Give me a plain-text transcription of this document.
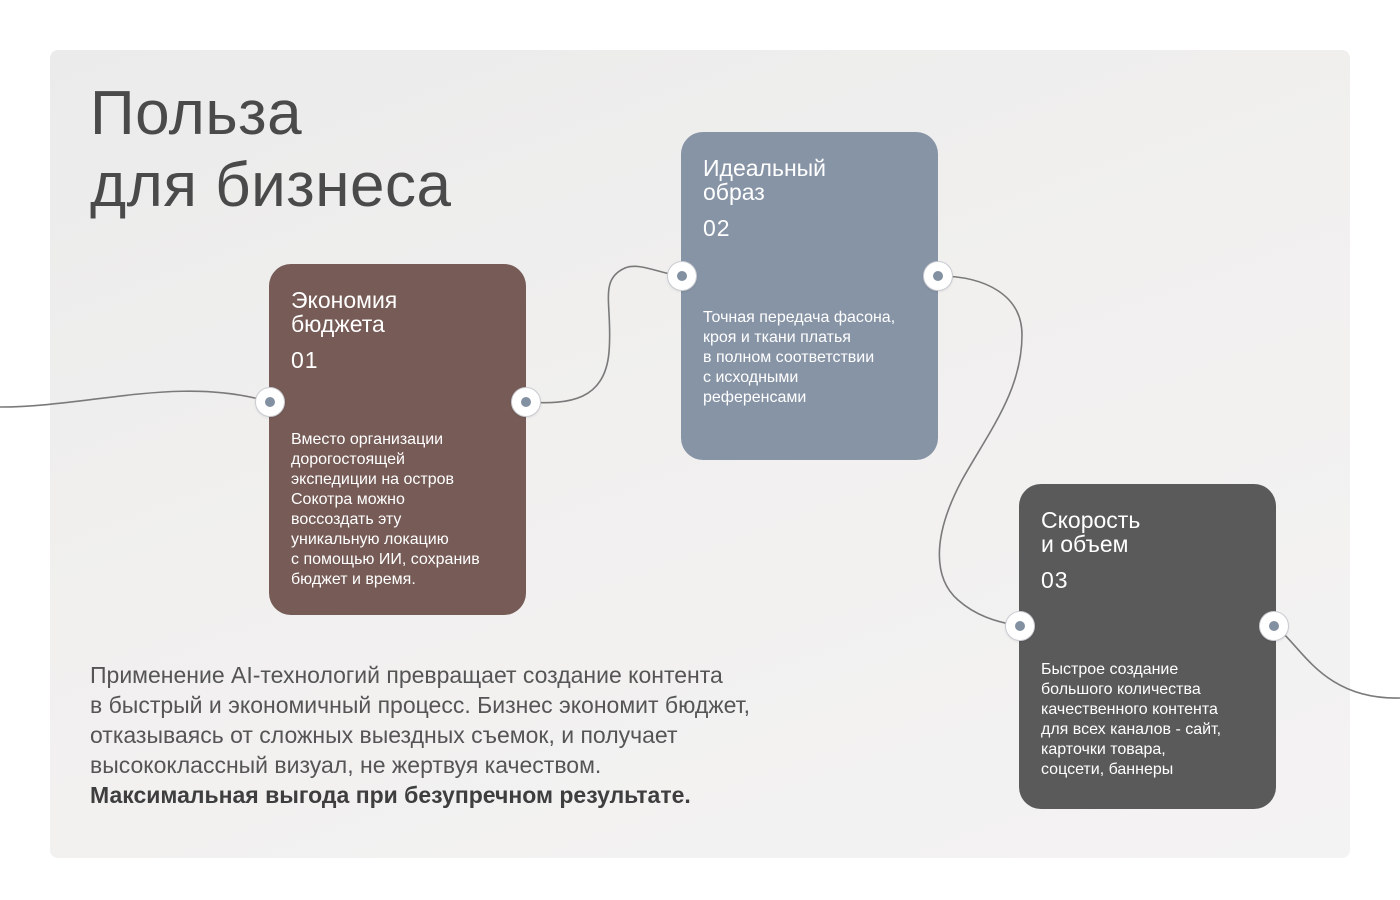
Польза
для бизнеса
Экономия
бюджета
01
Вместо организации
дорогостоящей
экспедиции на остров
Сокотра можно
воссоздать эту
уникальную локацию
с помощью ИИ, сохранив
бюджет и время.
Идеальный
образ
02
Точная передача фасона,
кроя и ткани платья
в полном соответствии
с исходными
референсами
Скорость
и объем
03
Быстрое создание
большого количества
качественного контента
для всех каналов - сайт,
карточки товара,
соцсети, баннеры

Применение AI-технологий превращает создание контента
в быстрый и экономичный процесс. Бизнес экономит бюджет,
отказываясь от сложных выездных съемок, и получает
высококлассный визуал, не жертвуя качеством.
Максимальная выгода при безупречном результате.
